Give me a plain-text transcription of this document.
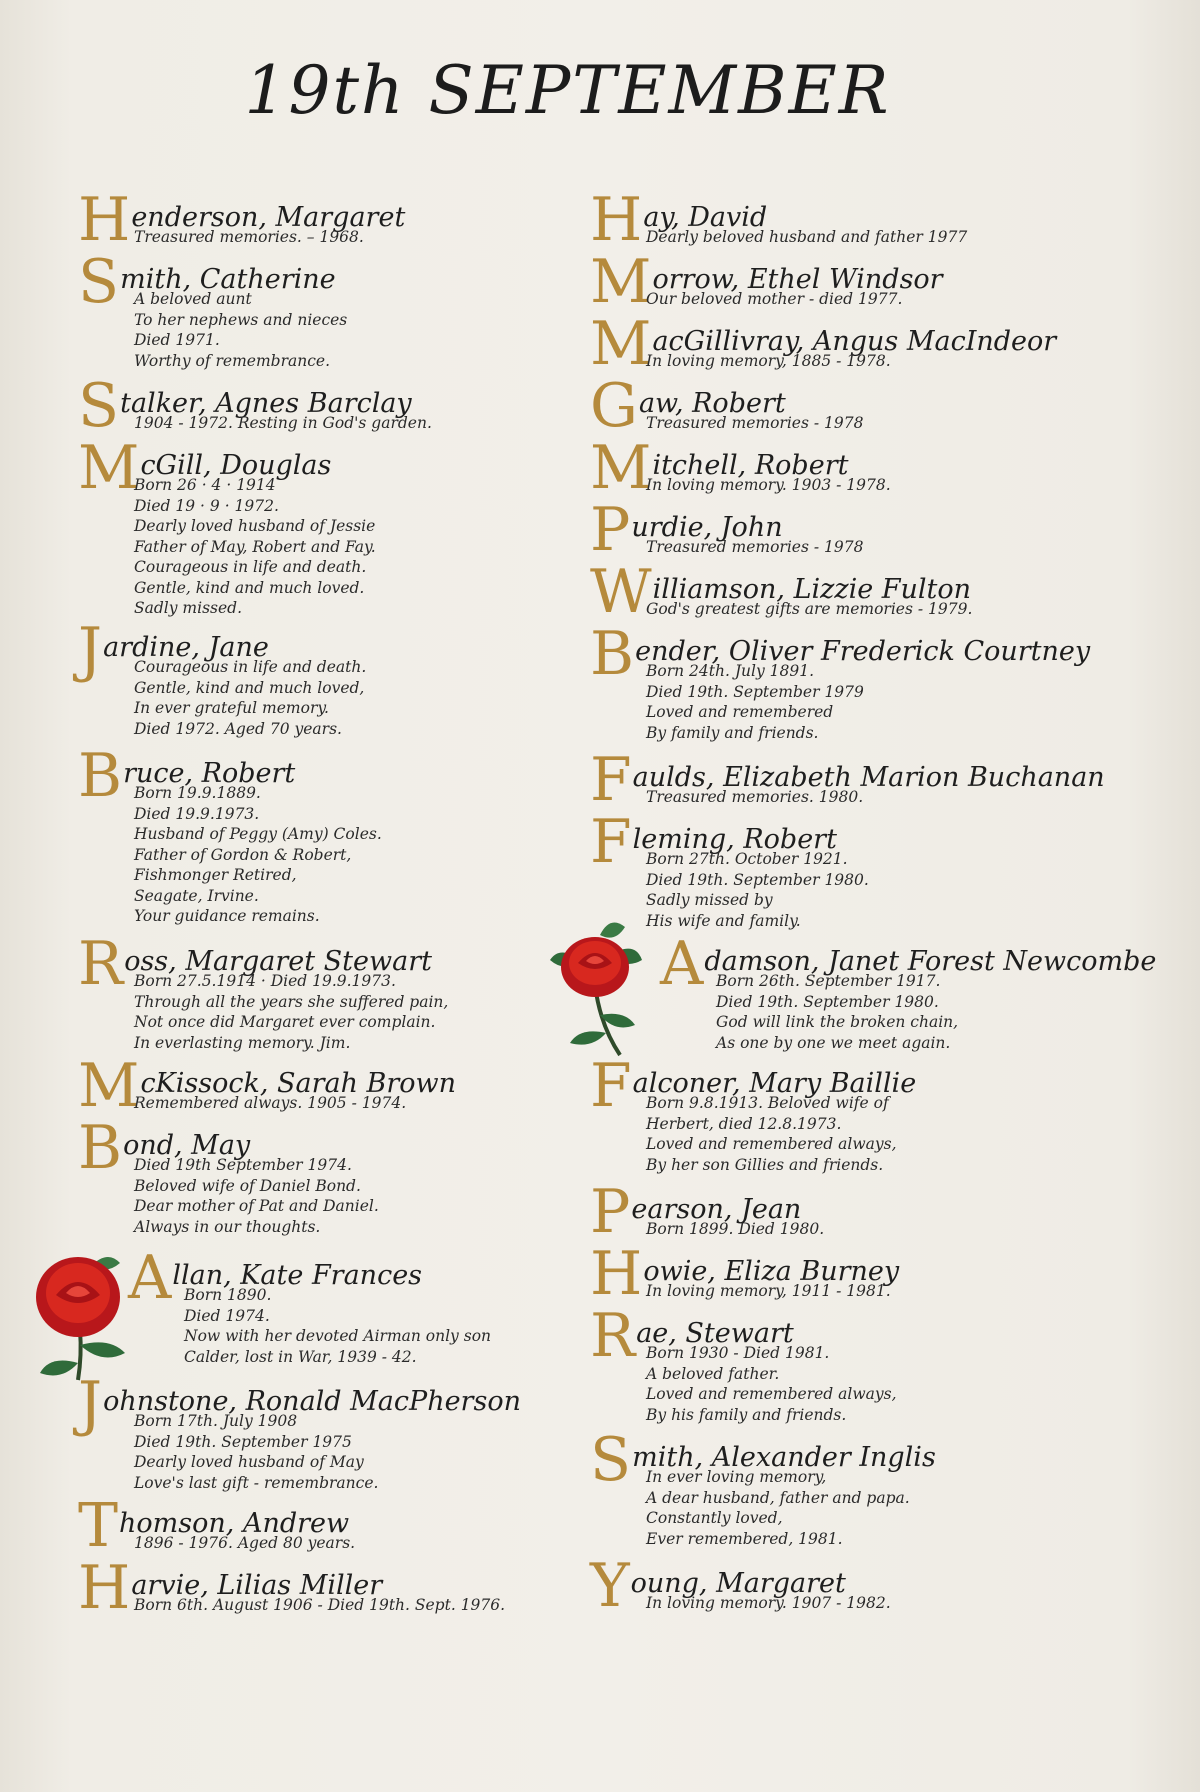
19th SEPTEMBER
H enderson, Margaret
Treasured memories. – 1968.
S mith, Catherine
A beloved aunt
To her nephews and nieces
Died 1971.
Worthy of remembrance.
S talker, Agnes Barclay
1904 - 1972. Resting in God's garden.
M cGill, Douglas
Born 26 · 4 · 1914
Died 19 · 9 · 1972.
Dearly loved husband of Jessie
Father of May, Robert and Fay.
Courageous in life and death.
Gentle, kind and much loved.
Sadly missed.
J ardine, Jane
Courageous in life and death.
Gentle, kind and much loved,
In ever grateful memory.
Died 1972. Aged 70 years.
B ruce, Robert
Born 19.9.1889.
Died 19.9.1973.
Husband of Peggy (Amy) Coles.
Father of Gordon & Robert,
Fishmonger Retired,
Seagate, Irvine.
Your guidance remains.
R oss, Margaret Stewart
Born 27.5.1914 · Died 19.9.1973.
Through all the years she suffered pain,
Not once did Margaret ever complain.
In everlasting memory. Jim.
M cKissock, Sarah Brown
Remembered always. 1905 - 1974.
B ond, May
Died 19th September 1974.
Beloved wife of Daniel Bond.
Dear mother of Pat and Daniel.
Always in our thoughts.
A llan, Kate Frances
Born 1890.
Died 1974.
Now with her devoted Airman only son
Calder, lost in War, 1939 - 42.
J ohnstone, Ronald MacPherson
Born 17th. July 1908
Died 19th. September 1975
Dearly loved husband of May
Love's last gift - remembrance.
T homson, Andrew
1896 - 1976. Aged 80 years.
H arvie, Lilias Miller
Born 6th. August 1906 - Died 19th. Sept. 1976.
H ay, David
Dearly beloved husband and father 1977
M orrow, Ethel Windsor
Our beloved mother - died 1977.
M acGillivray, Angus MacIndeor
In loving memory, 1885 - 1978.
G aw, Robert
Treasured memories - 1978
M itchell, Robert
In loving memory. 1903 - 1978.
P urdie, John
Treasured memories - 1978
W illiamson, Lizzie Fulton
God's greatest gifts are memories - 1979.
B ender, Oliver Frederick Courtney
Born 24th. July 1891.
Died 19th. September 1979
Loved and remembered
By family and friends.
F aulds, Elizabeth Marion Buchanan
Treasured memories. 1980.
F leming, Robert
Born 27th. October 1921.
Died 19th. September 1980.
Sadly missed by
His wife and family.
A damson, Janet Forest Newcombe
Born 26th. September 1917.
Died 19th. September 1980.
God will link the broken chain,
As one by one we meet again.
F alconer, Mary Baillie
Born 9.8.1913. Beloved wife of
Herbert, died 12.8.1973.
Loved and remembered always,
By her son Gillies and friends.
P earson, Jean
Born 1899. Died 1980.
H owie, Eliza Burney
In loving memory, 1911 - 1981.
R ae, Stewart
Born 1930 - Died 1981.
A beloved father.
Loved and remembered always,
By his family and friends.
S mith, Alexander Inglis
In ever loving memory,
A dear husband, father and papa.
Constantly loved,
Ever remembered, 1981.
Y oung, Margaret
In loving memory. 1907 - 1982.
